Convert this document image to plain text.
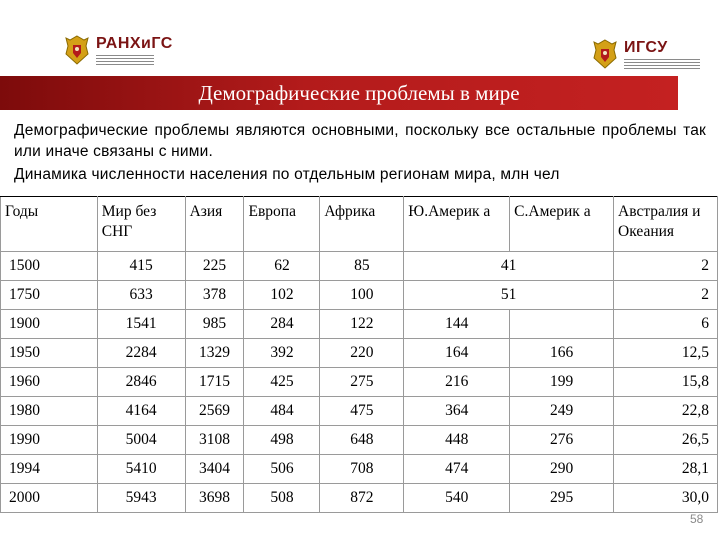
РАНХиГС	ИГСУ
Демографические проблемы в мире
Демографические проблемы являются основными, поскольку все остальные проблемы так или иначе связаны с ними.
Динамика численности населения по отдельным регионам мира, млн чел
Годы	Мир без СНГ	Азия	Европа	Африка	Ю.Америк а	С.Америк а	Австралия и Океания
1500	415	225	62	85	41		2
1750	633	378	102	100	51		2
1900	1541	985	284	122	144		6
1950	2284	1329	392	220	164	166	12,5
1960	2846	1715	425	275	216	199	15,8
1980	4164	2569	484	475	364	249	22,8
1990	5004	3108	498	648	448	276	26,5
1994	5410	3404	506	708	474	290	28,1
2000	5943	3698	508	872	540	295	30,0
58
